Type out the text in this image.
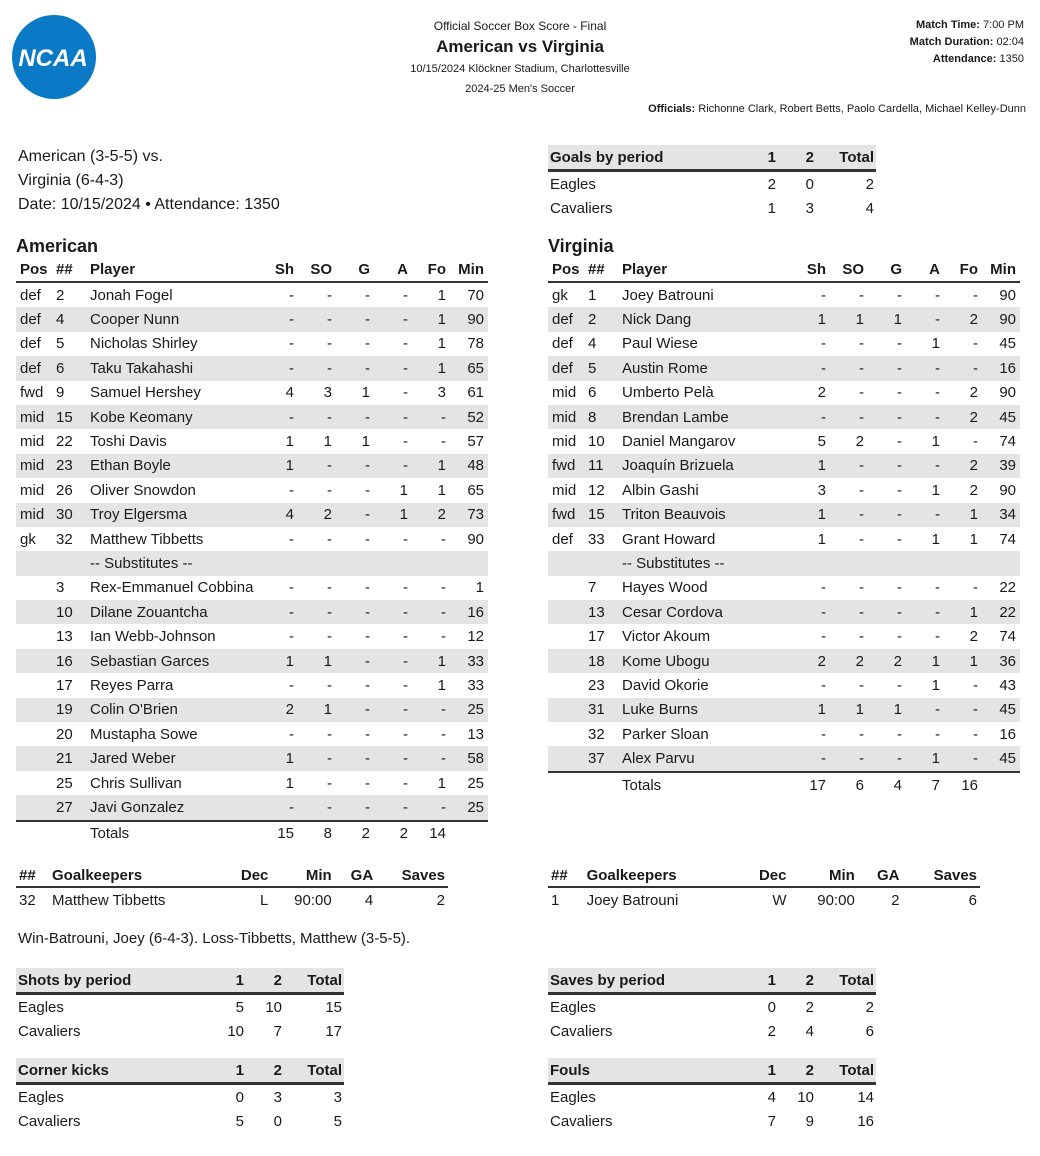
NCAA
Official Soccer Box Score - Final
American vs Virginia
10/15/2024 Klöckner Stadium, Charlottesville
2024-25 Men's Soccer
Match Time: 7:00 PM
Match Duration: 02:04
Attendance: 1350
Officials: Richonne Clark, Robert Betts, Paolo Cardella, Michael Kelley-Dunn
American (3-5-5) vs.
Virginia (6-4-3)
Date: 10/15/2024 • Attendance: 1350
Goals by period	1	2	Total
Eagles	2	0	2
Cavaliers	1	3	4
American
Pos	##	Player	Sh	SO	G	A	Fo	Min
def	2	Jonah Fogel	-	-	-	-	1	70
def	4	Cooper Nunn	-	-	-	-	1	90
def	5	Nicholas Shirley	-	-	-	-	1	78
def	6	Taku Takahashi	-	-	-	-	1	65
fwd	9	Samuel Hershey	4	3	1	-	3	61
mid	15	Kobe Keomany	-	-	-	-	-	52
mid	22	Toshi Davis	1	1	1	-	-	57
mid	23	Ethan Boyle	1	-	-	-	1	48
mid	26	Oliver Snowdon	-	-	-	1	1	65
mid	30	Troy Elgersma	4	2	-	1	2	73
gk	32	Matthew Tibbetts	-	-	-	-	-	90
		-- Substitutes --						
	3	Rex-Emmanuel Cobbina	-	-	-	-	-	1
	10	Dilane Zouantcha	-	-	-	-	-	16
	13	Ian Webb-Johnson	-	-	-	-	-	12
	16	Sebastian Garces	1	1	-	-	1	33
	17	Reyes Parra	-	-	-	-	1	33
	19	Colin O'Brien	2	1	-	-	-	25
	20	Mustapha Sowe	-	-	-	-	-	13
	21	Jared Weber	1	-	-	-	-	58
	25	Chris Sullivan	1	-	-	-	1	25
	27	Javi Gonzalez	-	-	-	-	-	25
		Totals	15	8	2	2	14	
Virginia
Pos	##	Player	Sh	SO	G	A	Fo	Min
gk	1	Joey Batrouni	-	-	-	-	-	90
def	2	Nick Dang	1	1	1	-	2	90
def	4	Paul Wiese	-	-	-	1	-	45
def	5	Austin Rome	-	-	-	-	-	16
mid	6	Umberto Pelà	2	-	-	-	2	90
mid	8	Brendan Lambe	-	-	-	-	2	45
mid	10	Daniel Mangarov	5	2	-	1	-	74
fwd	11	Joaquín Brizuela	1	-	-	-	2	39
mid	12	Albin Gashi	3	-	-	1	2	90
fwd	15	Triton Beauvois	1	-	-	-	1	34
def	33	Grant Howard	1	-	-	1	1	74
		-- Substitutes --						
	7	Hayes Wood	-	-	-	-	-	22
	13	Cesar Cordova	-	-	-	-	1	22
	17	Victor Akoum	-	-	-	-	2	74
	18	Kome Ubogu	2	2	2	1	1	36
	23	David Okorie	-	-	-	1	-	43
	31	Luke Burns	1	1	1	-	-	45
	32	Parker Sloan	-	-	-	-	-	16
	37	Alex Parvu	-	-	-	1	-	45
		Totals	17	6	4	7	16	
##	Goalkeepers	Dec	Min	GA	Saves
32	Matthew Tibbetts	L	90:00	4	2
##	Goalkeepers	Dec	Min	GA	Saves
1	Joey Batrouni	W	90:00	2	6
Win-Batrouni, Joey (6-4-3). Loss-Tibbetts, Matthew (3-5-5).
Shots by period	1	2	Total
Eagles	5	10	15
Cavaliers	10	7	17
Saves by period	1	2	Total
Eagles	0	2	2
Cavaliers	2	4	6
Corner kicks	1	2	Total
Eagles	0	3	3
Cavaliers	5	0	5
Fouls	1	2	Total
Eagles	4	10	14
Cavaliers	7	9	16
